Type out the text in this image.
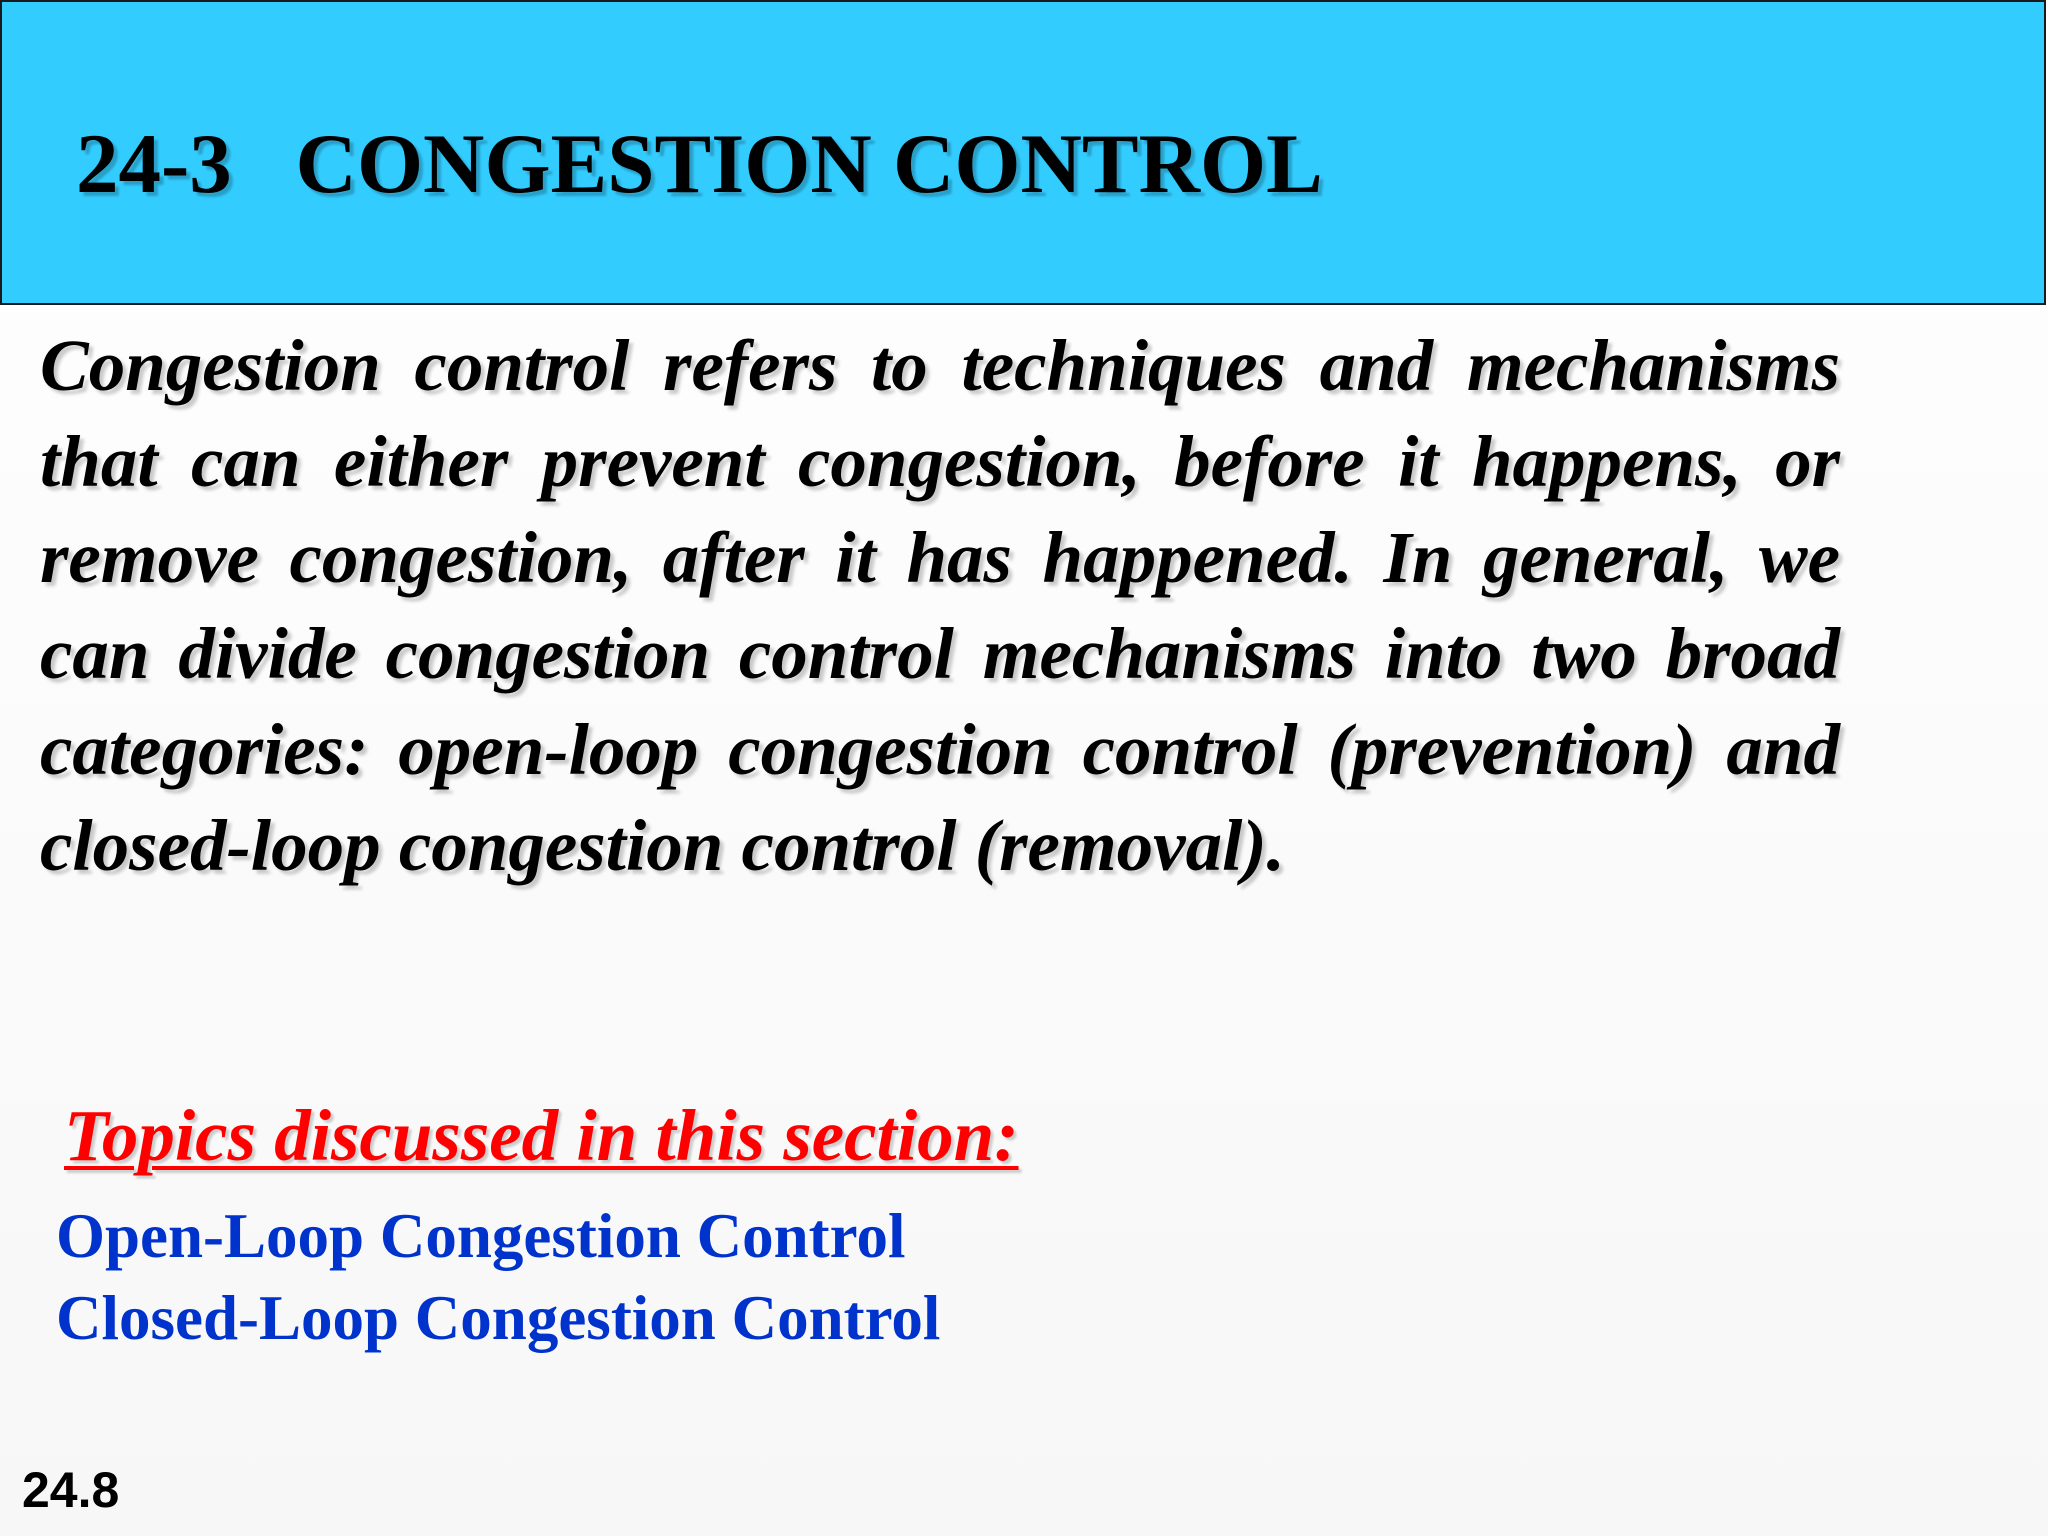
24-3   CONGESTION CONTROL

Congestion control refers to techniques and mechanisms that can either prevent congestion, before it happens, or remove congestion, after it has happened. In general, we can divide congestion control mechanisms into two broad categories: open-loop congestion control (prevention) and closed-loop congestion control (removal).

Topics discussed in this section:
Open-Loop Congestion Control
Closed-Loop Congestion Control
24.8
